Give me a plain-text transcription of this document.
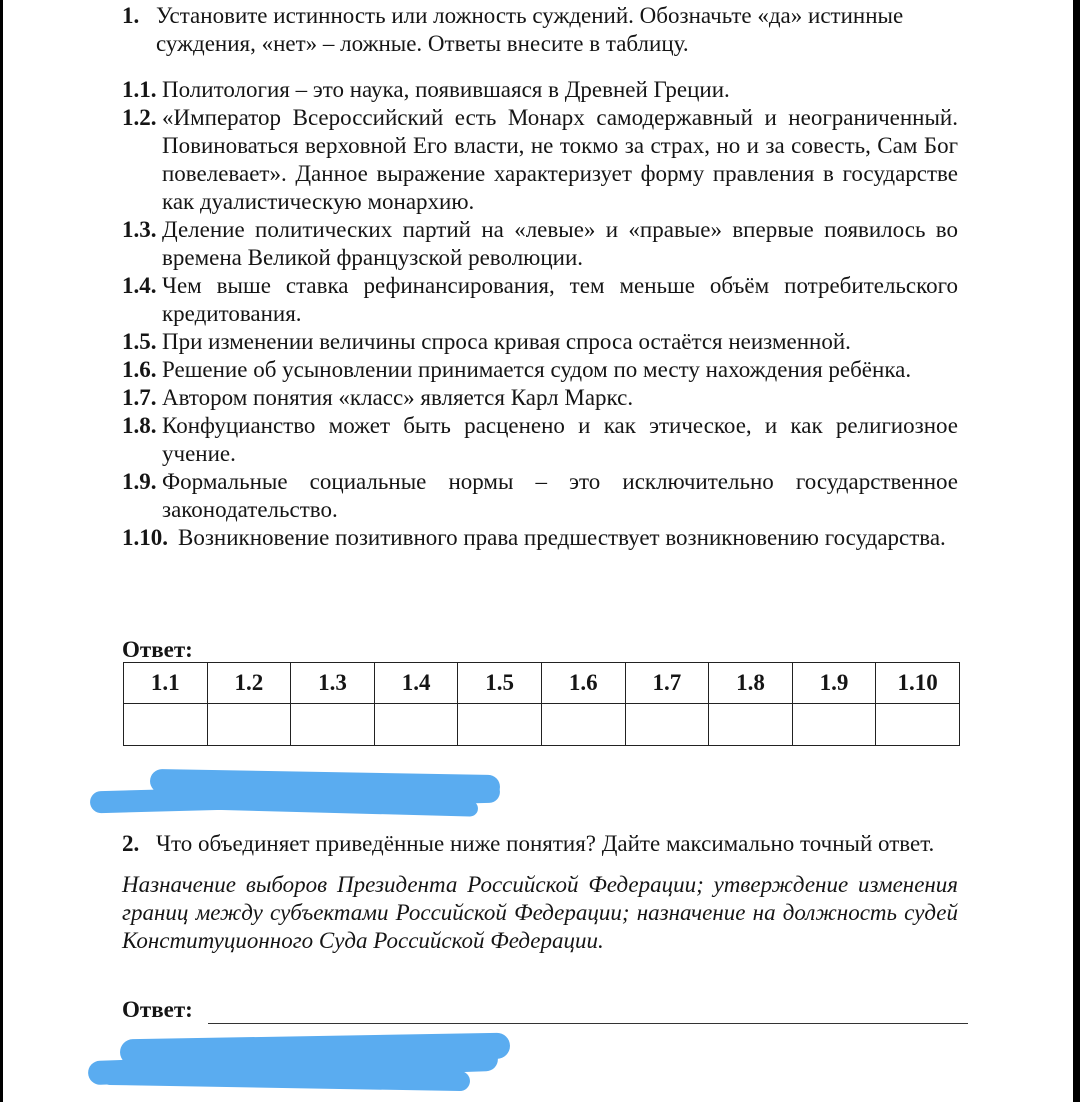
1. Установите истинность или ложность суждений. Обозначьте «да» истинные
суждения, «нет» – ложные. Ответы внесите в таблицу.
1.1. Политология – это наука, появившаяся в Древней Греции.
1.2. «Император Всероссийский есть Монарх самодержавный и неограниченный. Повиноваться верховной Его власти, не токмо за страх, но и за совесть, Сам Бог повелевает». Данное выражение характеризует форму правления в государстве как дуалистическую монархию.
1.3. Деление политических партий на «левые» и «правые» впервые появилось во времена Великой французской революции.
1.4. Чем выше ставка рефинансирования, тем меньше объём потребительского кредитования.
1.5. При изменении величины спроса кривая спроса остаётся неизменной.
1.6. Решение об усыновлении принимается судом по месту нахождения ребёнка.
1.7. Автором понятия «класс» является Карл Маркс.
1.8. Конфуцианство может быть расценено и как этическое, и как религиозное учение.
1.9. Формальные социальные нормы – это исключительно государственное законодательство.
1.10. Возникновение позитивного права предшествует возникновению государства.
Ответ:
1.1	1.2	1.3	1.4	1.5	1.6	1.7	1.8	1.9	1.10

2. Что объединяет приведённые ниже понятия? Дайте максимально точный ответ.
Назначение выборов Президента Российской Федерации; утверждение изменения границ между субъектами Российской Федерации; назначение на должность судей Конституционного Суда Российской Федерации.
Ответ:
